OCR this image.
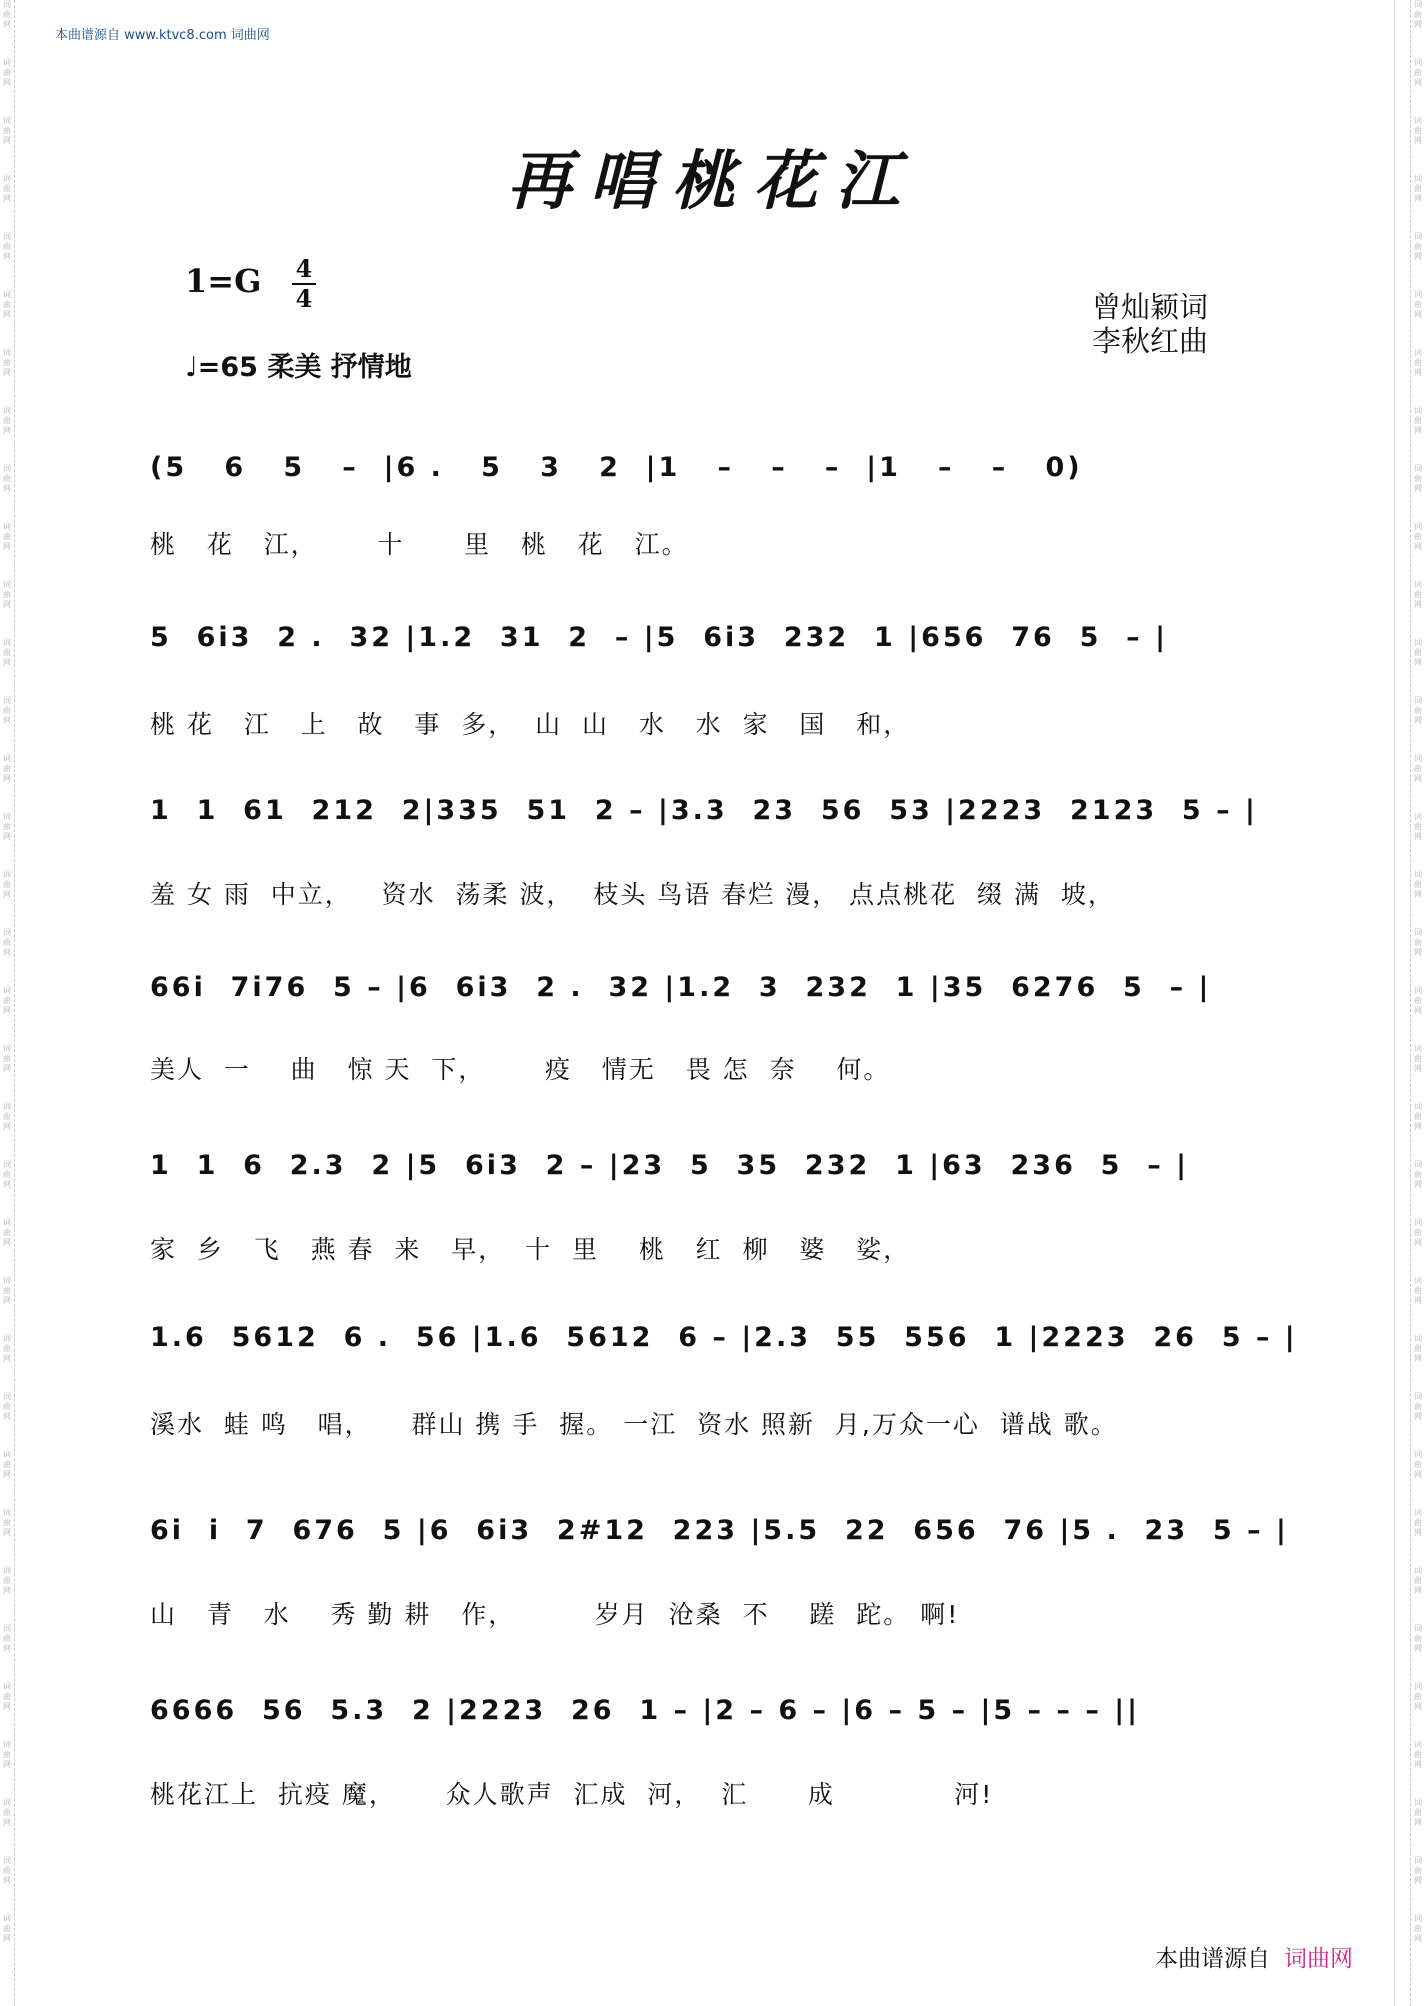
词
曲
网
词
曲
网
词
曲
网
词
曲
网
词
曲
网
词
曲
网
词
曲
网
词
曲
网
词
曲
网
词
曲
网
词
曲
网
词
曲
网
词
曲
网
词
曲
网
词
曲
网
词
曲
网
词
曲
网
词
曲
网
词
曲
网
词
曲
网
词
曲
网
词
曲
网
词
曲
网
词
曲
网
词
曲
网
词
曲
网
词
曲
网
词
曲
网
词
曲
网
词
曲
网
词
曲
网
词
曲
网
词
曲
网
词
曲
网
词
曲
网
词
曲
网
词
曲
网
词
曲
网
词
曲
网
词
曲
网
词
曲
网
词
曲
网
词
曲
网
词
曲
网
词
曲
网
词
曲
网
词
曲
网
词
曲
网
词
曲
网
词
曲
网
词
曲
网
词
曲
网
词
曲
网
词
曲
网
词
曲
网
词
曲
网
词
曲
网
词
曲
网
词
曲
网
词
曲
网
词
曲
网
词
曲
网
词
曲
网
词
曲
网
词
曲
网
词
曲
网
词
曲
网
词
曲
网
本曲谱源自 www.ktvc8.com 词曲网
再唱桃花江
1=G 4
4
♩=65 柔美 抒情地
曾灿颖词
李秋红曲
(5   6   5   –  |6 .   5   3   2  |1   –   –   –  |1   –   –   0)
桃   花   江，      十      里   桃   花   江。
5  6i3  2 .  32 |1.2  31  2  – |5  6i3  232  1 |656  76  5  – |
桃 花   江   上   故   事  多，  山  山   水   水  家   国   和，
1  1  61  212  2|335  51  2 – |3.3  23  56  53 |2223  2123  5 – |
羞 女 雨  中立，   资水  荡柔 波，  枝头 鸟语 春烂 漫， 点点桃花  缀 满  坡，
66i  7i76  5 – |6  6i3  2 .  32 |1.2  3  232  1 |35  6276  5  – |
美人  一    曲   惊 天  下，      疫   情无   畏 怎  奈    何。
1  1  6  2.3  2 |5  6i3  2 – |23  5  35  232  1 |63  236  5  – |
家  乡   飞   燕 春  来   早，  十  里    桃   红  柳   婆   娑，
1.6  5612  6 .  56 |1.6  5612  6 – |2.3  55  556  1 |2223  26  5 – |
溪水  蛙 鸣   唱，    群山 携 手  握。 一江  资水 照新  月,万众一心  谱战 歌。
6i  i  7  676  5 |6  6i3  2#12  223 |5.5  22  656  76 |5 .  23  5 – |
山   青   水    秀 勤 耕   作，        岁月  沧桑  不    蹉  跎。 啊!
6666  56  5.3  2 |2223  26  1 – |2 – 6 – |6 – 5 – |5 – – – ||
桃花江上  抗疫 魔，     众人歌声  汇成  河，  汇      成            河!
本曲谱源自 词曲网
